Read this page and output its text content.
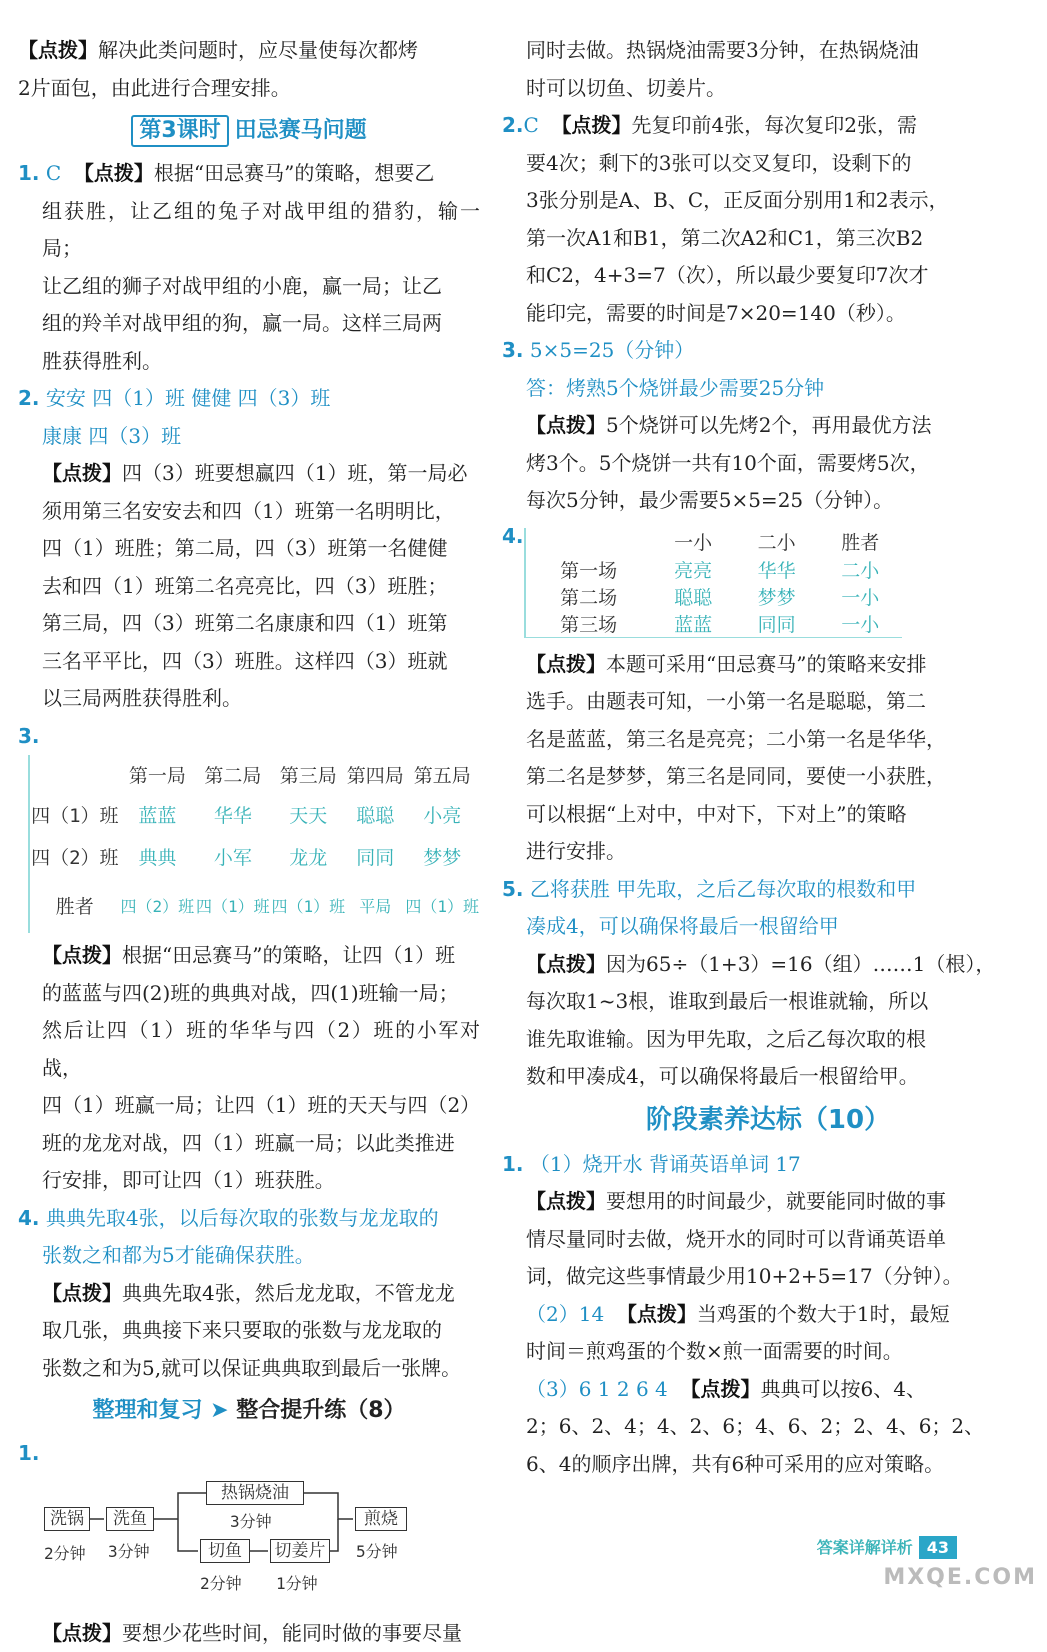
【点拨】解决此类问题时，应尽量使每次都烤

2片面包，由此进行合理安排。

第3课时 田忌赛马问题

1. C 【点拨】根据“田忌赛马”的策略，想要乙

组获胜，让乙组的兔子对战甲组的猎豹，输一局；

让乙组的狮子对战甲组的小鹿，赢一局；让乙

组的羚羊对战甲组的狗，赢一局。这样三局两

胜获得胜利。

2. 安安 四（1）班 健健 四（3）班

康康 四（3）班

【点拨】四（3）班要想赢四（1）班，第一局必

须用第三名安安去和四（1）班第一名明明比，

四（1）班胜；第二局，四（3）班第一名健健

去和四（1）班第二名亮亮比，四（3）班胜；

第三局，四（3）班第二名康康和四（1）班第

三名平平比，四（3）班胜。这样四（3）班就

以三局两胜获得胜利。

3.

	第一局	第二局	第三局	第四局	第五局
四（1）班	蓝蓝	华华	天天	聪聪	小亮
四（2）班	典典	小军	龙龙	同同	梦梦
胜者	四（2）班	四（1）班	四（1）班	平局	四（1）班

【点拨】根据“田忌赛马”的策略，让四（1）班

的蓝蓝与四(2)班的典典对战，四(1)班输一局；

然后让四（1）班的华华与四（2）班的小军对战，

四（1）班赢一局；让四（1）班的天天与四（2）

班的龙龙对战，四（1）班赢一局；以此类推进

行安排，即可让四（1）班获胜。

4. 典典先取4张，以后每次取的张数与龙龙取的

张数之和都为5才能确保获胜。

【点拨】典典先取4张，然后龙龙取，不管龙龙

取几张，典典接下来只要取的张数与龙龙取的

张数之和为5,就可以保证典典取到最后一张牌。

整理和复习 ➤ 整合提升练（8）

1.

洗锅	洗鱼
热锅烧油
切鱼	切姜片
煎烧
2分钟 3分钟
3分钟
2分钟 1分钟
5分钟

【点拨】要想少花些时间，能同时做的事要尽量

同时去做。热锅烧油需要3分钟，在热锅烧油

时可以切鱼、切姜片。

2.C 【点拨】先复印前4张，每次复印2张，需

要4次；剩下的3张可以交叉复印，设剩下的

3张分别是A、B、C，正反面分别用1和2表示，

第一次A1和B1，第二次A2和C1，第三次B2

和C2，4+3=7（次），所以最少要复印7次才

能印完，需要的时间是7×20=140（秒）。

3. 5×5=25（分钟）

答：烤熟5个烧饼最少需要25分钟

【点拨】5个烧饼可以先烤2个，再用最优方法

烤3个。5个烧饼一共有10个面，需要烤5次，

每次5分钟，最少需要5×5=25（分钟）。

4.
		一小	二小	胜者
第一场	亮亮	华华	二小
第二场	聪聪	梦梦	一小
第三场	蓝蓝	同同	一小

【点拨】本题可采用“田忌赛马”的策略来安排

选手。由题表可知，一小第一名是聪聪，第二

名是蓝蓝，第三名是亮亮；二小第一名是华华，

第二名是梦梦，第三名是同同，要使一小获胜，

可以根据“上对中，中对下，下对上”的策略

进行安排。

5. 乙将获胜 甲先取，之后乙每次取的根数和甲

凑成4，可以确保将最后一根留给甲

【点拨】因为65÷（1+3）=16（组）……1（根），

每次取1~3根，谁取到最后一根谁就输，所以

谁先取谁输。因为甲先取，之后乙每次取的根

数和甲凑成4，可以确保将最后一根留给甲。

阶段素养达标（10）

1. （1）烧开水 背诵英语单词 17

【点拨】要想用的时间最少，就要能同时做的事

情尽量同时去做，烧开水的同时可以背诵英语单

词，做完这些事情最少用10+2+5=17（分钟）。

（2）14 【点拨】当鸡蛋的个数大于1时，最短

时间＝煎鸡蛋的个数×煎一面需要的时间。

（3）6 1 2 6 4 【点拨】典典可以按6、4、

2；6、2、4；4、2、6；4、6、2；2、4、6；2、

6、4的顺序出牌，共有6种可采用的应对策略。

答案详解详析 43
MXQE.COM
